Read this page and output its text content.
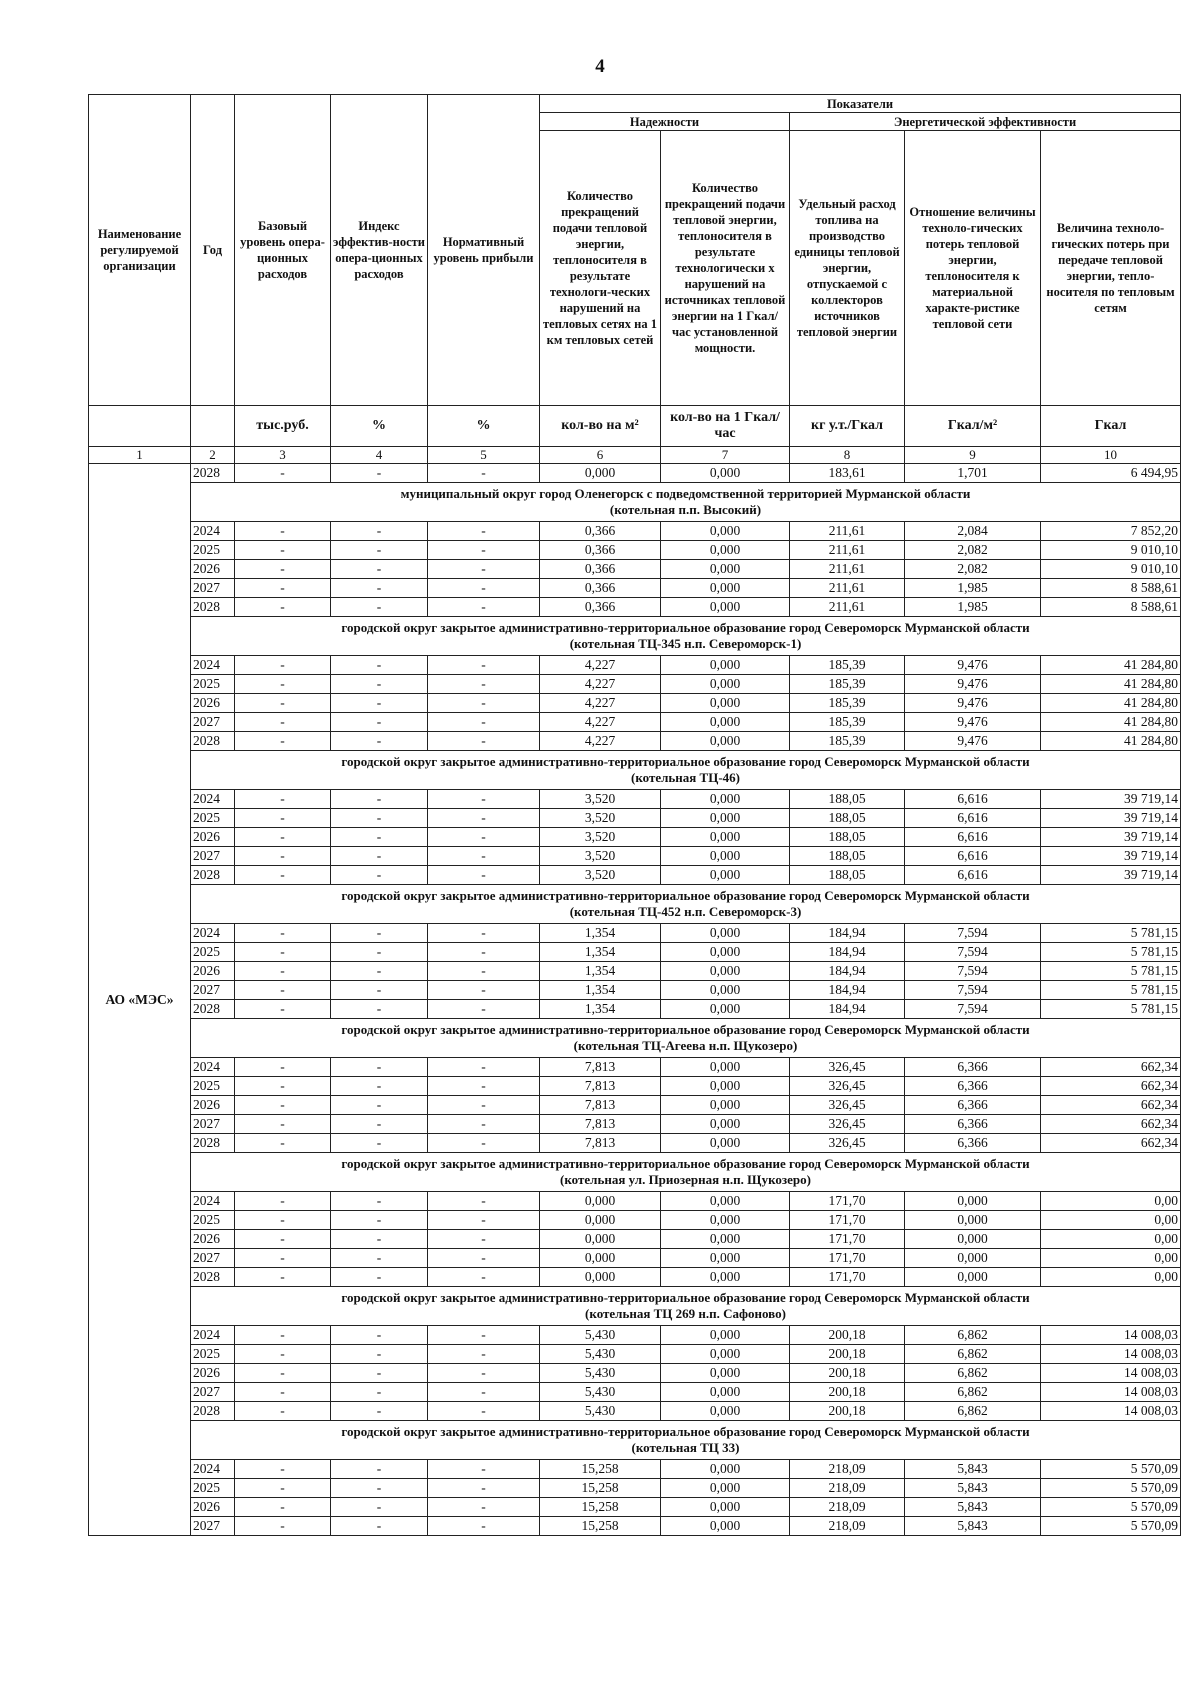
4
Наименование регулируемой организации	Год	Базовый уровень опера-ционных расходов	Индекс эффектив-ности опера-ционных расходов	Нормативный уровень прибыли	Показатели				
					Надежности		Энергетической эффективности		
					Количество прекращений подачи тепловой энергии, теплоносителя в результате технологи-ческих нарушений на тепловых сетях на 1 км тепловых сетей	Количество прекращений подачи тепловой энергии, теплоносителя в результате технологически х нарушений на источниках тепловой энергии на 1 Гкал/час установленной мощности.	Удельный расход топлива на производство единицы тепловой энергии, отпускаемой с коллекторов источников тепловой энергии	Отношение величины техноло-гических потерь тепловой энергии, теплоносителя к материальной характе-ристике тепловой сети	Величина техноло-гических потерь при передаче тепловой энергии, тепло-носителя по тепловым сетям
		тыс.руб.	%	%	кол-во на м²	кол-во на 1 Гкал/час	кг у.т./Гкал	Гкал/м²	Гкал
1	2	3	4	5	6	7	8	9	10
АО «МЭС»	2028	-	-	-	0,000	0,000	183,61	1,701	6 494,95

	муниципальный округ город Оленегорск с подведомственной территорией Мурманской области
(котельная п.п. Высокий)								

	2024	-	-	-	0,366	0,000	211,61	2,084	7 852,20
	2025	-	-	-	0,366	0,000	211,61	2,082	9 010,10
	2026	-	-	-	0,366	0,000	211,61	2,082	9 010,10
	2027	-	-	-	0,366	0,000	211,61	1,985	8 588,61
	2028	-	-	-	0,366	0,000	211,61	1,985	8 588,61

	городской округ закрытое административно-территориальное образование город Североморск Мурманской области
(котельная ТЦ-345 н.п. Североморск-1)								

	2024	-	-	-	4,227	0,000	185,39	9,476	41 284,80
	2025	-	-	-	4,227	0,000	185,39	9,476	41 284,80
	2026	-	-	-	4,227	0,000	185,39	9,476	41 284,80
	2027	-	-	-	4,227	0,000	185,39	9,476	41 284,80
	2028	-	-	-	4,227	0,000	185,39	9,476	41 284,80

	городской округ закрытое административно-территориальное образование город Североморск Мурманской области
(котельная ТЦ-46)								

	2024	-	-	-	3,520	0,000	188,05	6,616	39 719,14
	2025	-	-	-	3,520	0,000	188,05	6,616	39 719,14
	2026	-	-	-	3,520	0,000	188,05	6,616	39 719,14
	2027	-	-	-	3,520	0,000	188,05	6,616	39 719,14
	2028	-	-	-	3,520	0,000	188,05	6,616	39 719,14

	городской округ закрытое административно-территориальное образование город Североморск Мурманской области
(котельная ТЦ-452 н.п. Североморск-3)								

	2024	-	-	-	1,354	0,000	184,94	7,594	5 781,15
	2025	-	-	-	1,354	0,000	184,94	7,594	5 781,15
	2026	-	-	-	1,354	0,000	184,94	7,594	5 781,15
	2027	-	-	-	1,354	0,000	184,94	7,594	5 781,15
	2028	-	-	-	1,354	0,000	184,94	7,594	5 781,15

	городской округ закрытое административно-территориальное образование город Североморск Мурманской области
(котельная ТЦ-Агеева н.п. Щукозеро)								

	2024	-	-	-	7,813	0,000	326,45	6,366	662,34
	2025	-	-	-	7,813	0,000	326,45	6,366	662,34
	2026	-	-	-	7,813	0,000	326,45	6,366	662,34
	2027	-	-	-	7,813	0,000	326,45	6,366	662,34
	2028	-	-	-	7,813	0,000	326,45	6,366	662,34

	городской округ закрытое административно-территориальное образование город Североморск Мурманской области
(котельная ул. Приозерная н.п. Щукозеро)								

	2024	-	-	-	0,000	0,000	171,70	0,000	0,00
	2025	-	-	-	0,000	0,000	171,70	0,000	0,00
	2026	-	-	-	0,000	0,000	171,70	0,000	0,00
	2027	-	-	-	0,000	0,000	171,70	0,000	0,00
	2028	-	-	-	0,000	0,000	171,70	0,000	0,00

	городской округ закрытое административно-территориальное образование город Североморск Мурманской области
(котельная ТЦ 269 н.п. Сафоново)								

	2024	-	-	-	5,430	0,000	200,18	6,862	14 008,03
	2025	-	-	-	5,430	0,000	200,18	6,862	14 008,03
	2026	-	-	-	5,430	0,000	200,18	6,862	14 008,03
	2027	-	-	-	5,430	0,000	200,18	6,862	14 008,03
	2028	-	-	-	5,430	0,000	200,18	6,862	14 008,03

	городской округ закрытое административно-территориальное образование город Североморск Мурманской области
(котельная ТЦ 33)								

	2024	-	-	-	15,258	0,000	218,09	5,843	5 570,09
	2025	-	-	-	15,258	0,000	218,09	5,843	5 570,09
	2026	-	-	-	15,258	0,000	218,09	5,843	5 570,09
	2027	-	-	-	15,258	0,000	218,09	5,843	5 570,09
